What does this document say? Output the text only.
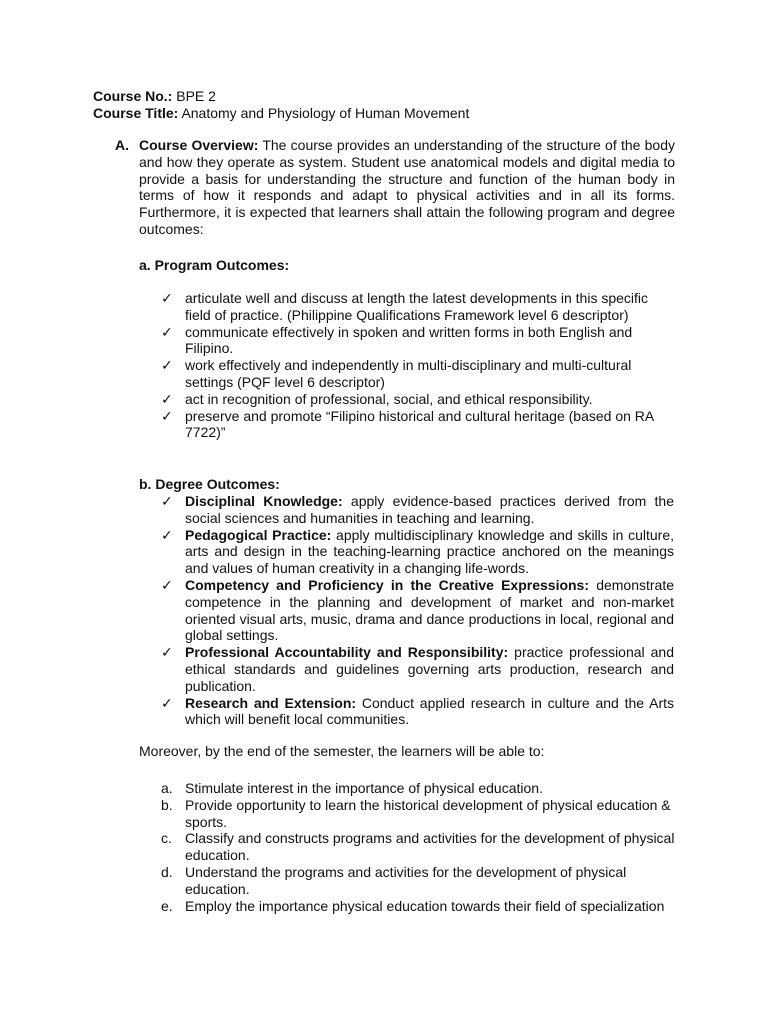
Course No.: BPE 2
Course Title: Anatomy and Physiology of Human Movement
A. Course Overview: The course provides an understanding of the structure of the body and how they operate as system. Student use anatomical models and digital media to provide a basis for understanding the structure and function of the human body in terms of how it responds and adapt to physical activities and in all its forms. Furthermore, it is expected that learners shall attain the following program and degree outcomes:
a. Program Outcomes:
✓ articulate well and discuss at length the latest developments in this specific field of practice. (Philippine Qualifications Framework level 6 descriptor)
✓ communicate effectively in spoken and written forms in both English and Filipino.
✓ work effectively and independently in multi-disciplinary and multi-cultural settings (PQF level 6 descriptor)
✓ act in recognition of professional, social, and ethical responsibility.
✓ preserve and promote “Filipino historical and cultural heritage (based on RA 7722)”
b. Degree Outcomes:
✓ Disciplinal Knowledge: apply evidence-based practices derived from the social sciences and humanities in teaching and learning.
✓ Pedagogical Practice: apply multidisciplinary knowledge and skills in culture, arts and design in the teaching-learning practice anchored on the meanings and values of human creativity in a changing life-words.
✓ Competency and Proficiency in the Creative Expressions: demonstrate competence in the planning and development of market and non-market oriented visual arts, music, drama and dance productions in local, regional and global settings.
✓ Professional Accountability and Responsibility: practice professional and ethical standards and guidelines governing arts production, research and publication.
✓ Research and Extension: Conduct applied research in culture and the Arts which will benefit local communities.
Moreover, by the end of the semester, the learners will be able to:
a. Stimulate interest in the importance of physical education.
b. Provide opportunity to learn the historical development of physical education & sports.
c. Classify and constructs programs and activities for the development of physical education.
d. Understand the programs and activities for the development of physical education.
e. Employ the importance physical education towards their field of specialization
